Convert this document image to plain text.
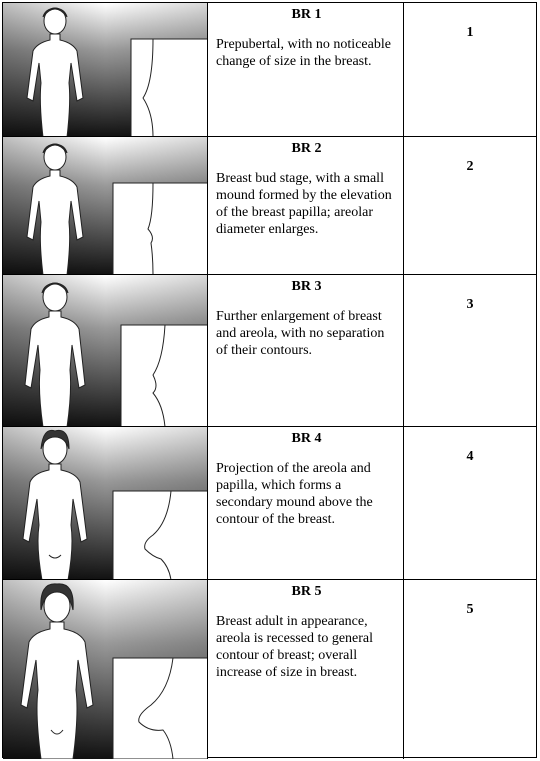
BR 1

Prepubertal, with no noticeable change of size in the breast.

1

BR 2

Breast bud stage, with a small mound formed by the elevation of the breast papilla; areolar diameter enlarges.

2

BR 3

Further enlargement of breast and areola, with no separation of their contours.

3

BR 4

Projection of the areola and papilla, which forms a secondary mound above the contour of the breast.

4

BR 5

Breast adult in appearance, areola is recessed to general contour of breast; overall increase of size in breast.

5
